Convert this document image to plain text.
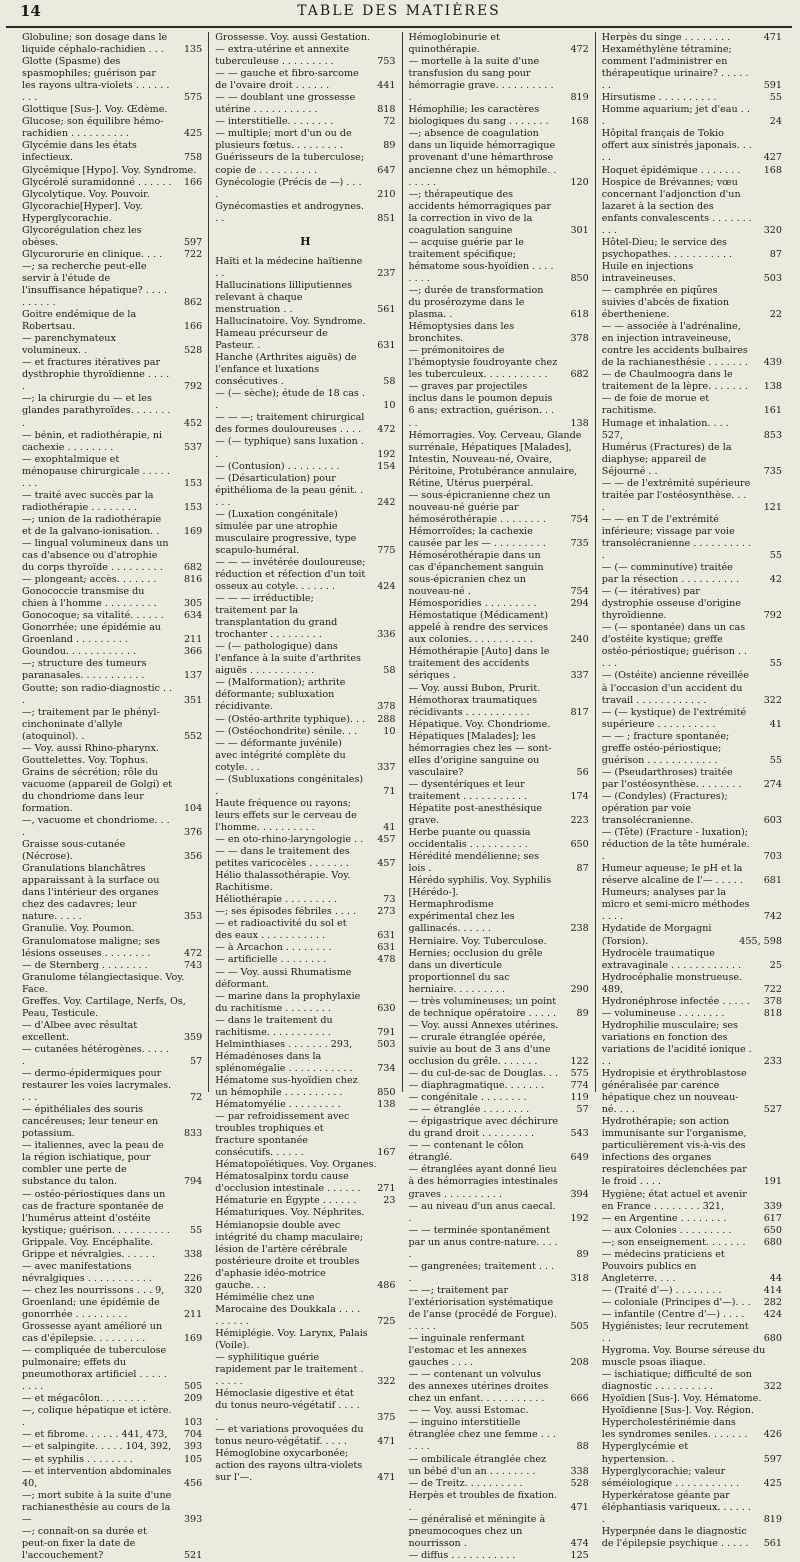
14	TABLE DES MATIÈRES
Globuline; son dosage dans le liquide céphalo-rachidien . . .	135
Glotte (Spasme) des spasmophiles; guérison par les rayons ultra-violets . . . . . . . . .	575
Glottique [Sus-]. Voy. Œdème.
Glucose; son équilibre hémo-rachidien . . . . . . . . . .	425
Glycémie dans les états infectieux.	758
Glycémique [Hypo]. Voy. Syndrome.
Glycérolé suramidonné . . . . . .	166
Glycolytique. Voy. Pouvoir.
Glycorachie[Hyper]. Voy. Hyperglycorachie.
Glycorégulation chez les obèses.	597
Glycurorurie en clinique. . . .	722
—; sa recherche peut-elle servir à l'étude de l'insuffisance hépatique? . . . . . . . . . .	862
Goitre endémique de la Robertsau.	166
— parenchymateux volumineux. .	528
— et fractures itératives par dysthrophie thyroïdienne . . . . .	792
—; la chirurgie du — et les glandes parathyroïdes. . . . . . . .	452
— bénin, et radiothérapie, ni cachexie . . . . . . . .	537
— exophtalmique et ménopause chirurgicale . . . . . . . .	153
— traité avec succès par la radiothérapie . . . . . . . .	153
—; union de la radiothérapie et de la galvano-ionisation. .	169
— lingual volumineux dans un cas d'absence ou d'atrophie du corps thyroïde . . . . . . . . .	682
— plongeant; accès. . . . . . .	816
Gonococcie transmise du chien à l'homme . . . . . . . . .	305
Gonocoque; sa vitalité. . . . . .	634
Gonorrhée; une épidémie au Groenland . . . . . . . . .	211
Goundou. . . . . . . . . . . .	366
—; structure des tumeurs paranasales. . . . . . . . . . .	137
Goutte; son radio-diagnostic . . .	351
—; traitement par le phényl-cinchoninate d'allyle (atoquinol). .	552
— Voy. aussi Rhino-pharynx.
Gouttelettes. Voy. Tophus.
Grains de sécrétion; rôle du vacuome (appareil de Golgi) et du chondriome dans leur formation.	104
—, vacuome et chondriome. . . .	376
Graisse sous-cutanée (Nécrose).	356
Granulations blanchâtres apparaissant à la surface ou dans l'intérieur des organes chez des cadavres; leur nature. . . . .	353
Granulie. Voy. Poumon.
Granulomatose maligne; ses lésions osseuses . . . . . . . .	472
— de Sternberg . . . . . . . .	743
Granulome télangiectasique. Voy. Face.
Greffes. Voy. Cartilage, Nerfs, Os, Peau, Testicule.
— d'Albee avec résultat excellent.	359
— cutanées hétérogènes. . . . . .	57
— dermo-épidermiques pour restaurer les voies lacrymales. . . .	72
— épithéliales des souris cancéreuses; leur teneur en potassium.	833
— italiennes, avec la peau de la région ischiatique, pour combler une perte de substance du talon.	794
— ostéo-périostiques dans un cas de fracture spontanée de l'humérus atteint d'ostéite kystique; guérison. . . . . . . . . .	55
Grippale. Voy. Encéphalite.
Grippe et névralgies. . . . . .	338
— avec manifestations névralgiques . . . . . . . . . . .	226
— chez les nourrissons . . . 9,	320
Groenland; une épidémie de gonorrhée . . . . . . . . .	211
Grossesse ayant amélioré un cas d'épilepsie. . . . . . . . .	169
— compliquée de tuberculose pulmonaire; effets du pneumothorax artificiel . . . . . . . . .	505
— et mégacôlon. . . . . . . .	209
—, colique hépatique et ictère. .	103
— et fibrome. . . . . . 441, 473,	704
— et salpingite. . . . . 104, 392,	393
— et syphilis . . . . . . . .	105
— et intervention abdominales 40,	456
—; mort subite à la suite d'une rachianesthésie au cours de la —	393
—; connaît-on sa durée et peut-on fixer la date de l'accouchement?	521
Grossesse. Voy. aussi Gestation.
— extra-utérine et annexite tuberculeuse . . . . . . . . .	753
— — gauche et fibro-sarcome de l'ovaire droit . . . . . .	441
— — doublant une grossesse utérine . . . . . . . . . . .	818
— interstitielle. . . . . . . .	72
— multiple; mort d'un ou de plusieurs fœtus. . . . . . . . .	89
Guérisseurs de la tuberculose; copie de . . . . . . . . . .	647
Gynécologie (Précis de —) . . . .	210
Gynécomasties et androgynes. . .	851
H
Haïti et la médecine haïtienne . .	237
Hallucinations lilliputiennes relevant à chaque menstruation . .	561
Hallucinatoire. Voy. Syndrome.
Hameau précurseur de Pasteur. .	631
Hanche (Arthrites aiguës) de l'enfance et luxations consécutives .	58
— (— sèche); étude de 18 cas . .	10
— — —; traitement chirurgical des formes douloureuses . . . .	472
— (— typhique) sans luxation . .	192
— (Contusion) . . . . . . . . .	154
— (Désarticulation) pour épithélioma de la peau génit. . . . .	242
— (Luxation congénitale) simulée par une atrophie musculaire progressive, type scapulo-huméral.	775
— — — invétérée douloureuse; réduction et réfection d'un toit osseux au cotyle. . . . . . .	424
— — — irréductible; traitement par la transplantation du grand trochanter . . . . . . . . .	336
— (— pathologique) dans l'enfance à la suite d'arthrites aiguës . . . . . . . . . . .	58
— (Malformation); arthrite déformante; subluxation récidivante.	378
— (Ostéo-arthrite typhique). . .	288
— (Ostéochondrite) sénile. . .	10
— — déformante juvénile) avec intégrité complète du cotyle. . .	337
— (Subluxations congénitales) .	71
Haute fréquence ou rayons; leurs effets sur le cerveau de l'homme. . . . . . . . . .	41
— en oto-rhino-laryngologie . .	457
— — dans le traitement des petites varicocèles . . . . . . .	457
Hélio thalassothérapie. Voy. Rachitisme.
Héliothérapie . . . . . . . . .	73
—; ses épisodes fébriles . . . .	273
— et radioactivité du sol et des eaux . . . . . . . . . . .	631
— à Arcachon . . . . . . . .	631
— artificielle . . . . . . . .	478
— — Voy. aussi Rhumatisme déformant.
— marine dans la prophylaxie du rachitisme . . . . . . . .	630
— dans le traitement du rachitisme. . . . . . . . . . .	791
Helminthiases . . . . . . . 293,	503
Hémadénoses dans la splénomégalie . . . . . . . . . . .	734
Hématome sus-hyoïdien chez un hémophile . . . . . . . . . .	850
Hématomyélie . . . . . . . . .	138
— par refroidissement avec troubles trophiques et fracture spontanée consécutifs. . . . . .	167
Hématopoïétiques. Voy. Organes.
Hématosalpinx tordu cause d'occlusion intestinale . . . . . .	271
Hématurie en Égypte . . . . . .	23
Hématuriques. Voy. Néphrites.
Hémianopsie double avec intégrité du champ maculaire; lésion de l'artère cérébrale postérieure droite et troubles d'aphasie idéo-motrice gauche. . .	486
Hémimélie chez une Marocaine des Doukkala . . . . . . . . . .	725
Hémiplégie. Voy. Larynx, Palais (Voile).
— syphilitique guérie rapidement par le traitement . . . . . .	322
Hémoclasie digestive et état du tonus neuro-végétatif . . . . .	375
— et variations provoquées du tonus neuro-végétatif. . . . .	471
Hémoglobine oxycarbonée; action des rayons ultra-violets sur l'—.	471
Hémoglobinurie et quinothérapie.	472
— mortelle à la suite d'une transfusion du sang pour hémorragie grave. . . . . . . . . . .	819
Hémophilie; les caractères biologiques du sang . . . . . . .	168
—; absence de coagulation dans un liquide hémorragique provenant d'une hémarthrose ancienne chez un hémophile. . . . . . .	120
—; thérapeutique des accidents hémorragiques par la correction in vivo de la coagulation sanguine	301
— acquise guérie par le traitement spécifique; hématome sous-hyoïdien . . . . . . . .	850
—; durée de transformation du prosérozyme dans le plasma. .	618
Hémoptysies dans les bronchites.	378
— prémonitoires de l'hémoptysie foudroyante chez les tuberculeux. . . . . . . . . . .	682
— graves par projectiles inclus dans le poumon depuis 6 ans; extraction, guérison. . . . .	138
Hémorragies. Voy. Cerveau, Glande surrénale, Hépatiques [Malades], Intestin, Nouveau-né, Ovaire, Péritoine, Protubérance annulaire, Rétine, Utérus puerpéral.
— sous-épicranienne chez un nouveau-né guérie par hémosérothérapie . . . . . . . .	754
Hémorroïdes; la cachexie causée par les — . . . . . . . . .	735
Hémosérothérapie dans un cas d'épanchement sanguin sous-épicranien chez un nouveau-né .	754
Hémosporidies . . . . . . . . .	294
Hémostatique (Médicament) appelé à rendre des services aux colonies. . . . . . . . . . .	240
Hémothérapie [Auto] dans le traitement des accidents sériques .	337
— Voy. aussi Bubon, Prurit.
Hémothorax traumatiques récidivants . . . . . . . . . . .	817
Hépatique. Voy. Chondriome.
Hépatiques [Malades]; les hémorragies chez les — sont-elles d'origine sanguine ou vasculaire?	56
— dysentériques et leur traitement . . . . . . . . . . .	174
Hépatite post-anesthésique grave.	223
Herbe puante ou quassia occidentalis . . . . . . . . . .	650
Hérédité mendélienne; ses lois .	87
Hérédo syphilis. Voy. Syphilis [Hérédo-].
Hermaphrodisme expérimental chez les gallinacés. . . . . .	238
Herniaire. Voy. Tuberculose.
Hernies; occlusion du grêle dans un diverticule proportionnel du sac herniaire. . . . . . . . .	290
— très volumineuses; un point de technique opératoire . . . . .	89
— Voy. aussi Annexes utérines.
— crurale étranglée opérée, suivie au bout de 3 ans d'une occlusion du grêle. . . . . . .	122
— du cul-de-sac de Douglas. . .	575
— diaphragmatique. . . . . . .	774
— congénitale . . . . . . . .	119
— — étranglée . . . . . . . .	57
— épigastrique avec déchirure du grand droit . . . . . . . . .	543
— — contenant le côlon étranglé.	649
— étranglées ayant donné lieu à des hémorragies intestinales graves . . . . . . . . . .	394
— au niveau d'un anus caecal. .	192
— — terminée spontanément par un anus contre-nature. . . . .	89
— gangrenées; traitement . . . .	318
— —; traitement par l'extériorisation systématique de l'anse (procédé de Forgue). . . . . .	505
— inguinale renfermant l'estomac et les annexes gauches . . . .	208
— — contenant un volvulus des annexes utérines droites chez un enfant. . . . . . . . . . .	666
— — Voy. aussi Estomac.
— inguino interstitielle étranglée chez une femme . . . . . . .	88
— ombilicale étranglée chez un bébé d'un an . . . . . . . .	338
— de Treitz. . . . . . . . . .	528
Herpès et troubles de fixation. .	471
— généralisé et méningite à pneumocoques chez un nourrisson .	474
— diffus . . . . . . . . . . .	125
Herpès du singe . . . . . . . .	471
Hexaméthylène tétramine; comment l'administrer en thérapeutique urinaire? . . . . . . .	591
Hirsutisme . . . . . . . . . .	55
Homme aquarium; jet d'eau . . .	24
Hôpital français de Tokio offert aux sinistrés japonais. . . . .	427
Hoquet épidémique . . . . . . .	168
Hospice de Brévannes; vœu concernant l'adjonction d'un lazaret à la section des enfants convalescents . . . . . . . . . .	320
Hôtel-Dieu; le service des psychopathes. . . . . . . . . . .	87
Huile en injections intraveineuses.	503
— camphrée en piqûres suivies d'abcès de fixation ébertheniene.	22
— — associée à l'adrénaline, en injection intraveineuse, contre les accidents bulbaires de la rachianesthésie . . . . . . .	439
— de Chaulmoogra dans le traitement de la lèpre. . . . . . .	138
— de foie de morue et rachitisme.	161
Humage et inhalation. . . . 527,	853
Humérus (Fractures) de la diaphyse; appareil de Séjourné . .	735
— — de l'extrémité supérieure traitée par l'ostéosynthèse. . . .	121
— — en T de l'extrémité inférieure; vissage par voie transolécranienne . . . . . . . . . . .	55
— (— comminutive) traitée par la résection . . . . . . . . . .	42
— (— itératives) par dystrophie osseuse d'origine thyroïdienne.	792
— (— spontanée) dans un cas d'ostéite kystique; greffe ostéo-périostique; guérison . . . . .	55
— (Ostéite) ancienne réveillée à l'occasion d'un accident du travail . . . . . . . . . . . .	322
— (— kystique) de l'extrémité supérieure . . . . . . . . . .	41
— — ; fracture spontanée; greffe ostéo-périostique; guérison . . . . . . . . . . . .	55
— (Pseudarthroses) traitée par l'ostéosynthèse. . . . . . . .	274
— (Condyles) (Fractures); opération par voie transolécranienne.	603
— (Tête) (Fracture - luxation); réduction de la tête humérale. .	703
Humeur aqueuse; le pH et la réserve alcaline de l'— . . . . .	681
Humeurs; analyses par la micro et semi-micro méthodes . . . .	742
Hydatide de Morgagni (Torsion).	455, 598
Hydrocèle traumatique extravaginale . . . . . . . . . . . .	25
Hydrocéphalie monstrueuse. 489,	722
Hydronéphrose infectée . . . . .	378
— volumineuse . . . . . . . .	818
Hydrophilie musculaire; ses variations en fonction des variations de l'acidité ionique . . .	233
Hydropisie et érythroblastose généralisée par carence hépatique chez un nouveau-né. . . .	527
Hydrothérapie; son action immunisante sur l'organisme, particulièrement vis-à-vis des infections des organes respiratoires déclenchées par le froid . . . .	191
Hygiène; état actuel et avenir en France . . . . . . . . 321,	339
— en Argentine . . . . . . . .	617
— aux Colonies . . . . . . . . .	650
—; son enseignement. . . . . . .	680
— médecins praticiens et Pouvoirs publics en Angleterre. . . .	44
— (Traité d'—) . . . . . . . .	414
— coloniale (Principes d'—). . .	282
— infantile (Centre d'—) . . . .	424
Hygiénistes; leur recrutement . .	680
Hygroma. Voy. Bourse séreuse du muscle psoas iliaque.
— ischiatique; difficulté de son diagnostic . . . . . . . . . .	322
Hyoïdien [Sus-]. Voy. Hématome.
Hyoïdienne [Sus-]. Voy. Région.
Hypercholestérinémie dans les syndromes seniles. . . . . . .	426
Hyperglycémie et hypertension. .	597
Hyperglycorachie; valeur séméiologique . . . . . . . . . . .	425
Hyperkératose géante par éléphantiasis variqueux. . . . . . .	819
Hyperpnée dans le diagnostic de l'épilepsie psychique . . . . .	561
